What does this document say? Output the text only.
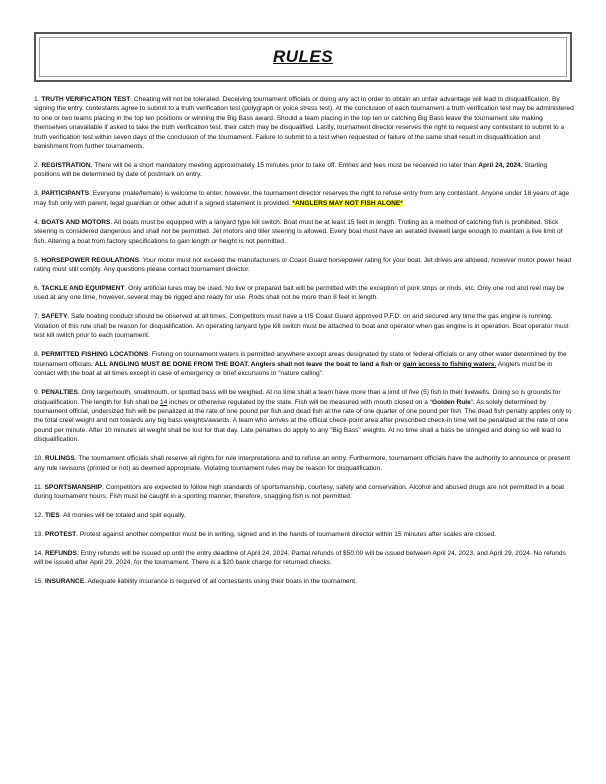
RULES

1. TRUTH VERIFICATION TEST. Cheating will not be tolerated. Deceiving tournament officials or doing any act in order to obtain an unfair advantage will lead to disqualification. By signing the entry, contestants agree to submit to a truth verification test (polygraph or voice stress test). At the conclusion of each tournament a truth verification test may be administered to one or two teams placing in the top ten positions or winning the Big Bass award. Should a team placing in the top ten or catching Big Bass leave the tournament site making themselves unavailable if asked to take the truth verification test, their catch may be disqualified. Lastly, tournament director reserves the right to request any contestant to submit to a truth verification test within seven days of the conclusion of the tournament. Failure to submit to a test when requested or failure of the same shall result in disqualification and banishment from further tournaments.

2. REGISTRATION. There will be a short mandatory meeting approximately 15 minutes prior to take off. Entries and fees must be received no later than April 24, 2024. Starting positions will be determined by date of postmark on entry.

3. PARTICIPANTS. Everyone (male/female) is welcome to enter, however, the tournament director reserves the right to refuse entry from any contestant. Anyone under 18 years of age may fish only with parent, legal guardian or other adult if a signed statement is provided. *ANGLERS MAY NOT FISH ALONE*

4. BOATS AND MOTORS. All boats must be equipped with a lanyard type kill switch. Boat must be at least 15 feet in length. Trolling as a method of catching fish is prohibited. Stick steering is considered dangerous and shall not be permitted. Jet motors and tiller steering is allowed. Every boat must have an aerated livewell large enough to maintain a live limit of fish. Altering a boat from factory specifications to gain length or height is not permitted.

5. HORSEPOWER REGULATIONS. Your motor must not exceed the manufacturers or Coast Guard horsepower rating for your boat. Jet drives are allowed, however motor power head rating must still comply. Any questions please contact tournament director.

6. TACKLE AND EQUIPMENT. Only artificial lures may be used. No live or prepared bait will be permitted with the exception of pork strips or rinds, etc. Only one rod and reel may be used at any one time, however, several may be rigged and ready for use. Rods shall not be more than 8 feet in length.

7. SAFETY. Safe boating conduct should be observed at all times. Competitors must have a US Coast Guard approved P.F.D. on and secured any time the gas engine is running. Violation of this rule shall be reason for disqualification. An operating lanyard type kill switch must be attached to boat and operator when gas engine is in operation. Boat operator must test kill switch prior to each tournament.

8. PERMITTED FISHING LOCATIONS. Fishing on tournament waters is permitted anywhere except areas designated by state or federal officials or any other water determined by the tournament officials. ALL ANGLING MUST BE DONE FROM THE BOAT. Anglers shall not leave the boat to land a fish or gain access to fishing waters. Anglers must be in contact with the boat at all times except in case of emergency or brief excursions in "nature calling".

9. PENALTIES. Only largemouth, smallmouth, or spotted bass will be weighed. At no time shall a team have more than a limit of five (5) fish in their livewells. Doing so is grounds for disqualification. The length for fish shall be 14 inches or otherwise regulated by the state. Fish will be measured with mouth closed on a “Golden Rule”. As solely determined by tournament official, undersized fish will be penalized at the rate of one pound per fish and dead fish at the rate of one quarter of one pound per fish. The dead fish penalty applies only to the total creel weight and not towards any big bass weights/awards. A team who arrives at the official check-point area after prescribed check-in time will be penalized at the rate of one pound per minute. After 10 minutes all weight shall be lost for that day. Late penalties do apply to any "Big Bass" weights. At no time shall a bass be stringed and doing so will lead to disqualification.

10. RULINGS. The tournament officials shall reserve all rights for rule interpretations and to refuse an entry. Furthermore, tournament officials have the authority to announce or present any rule revisions (printed or not) as deemed appropriate. Violating tournament rules may be reason for disqualification.

11. SPORTSMANSHIP. Competitors are expected to follow high standards of sportsmanship, courtesy, safety and conservation. Alcohol and abused drugs are not permitted in a boat during tournament hours. Fish must be caught in a sporting manner, therefore, snagging fish is not permitted.

12. TIES. All monies will be totaled and split equally.

13. PROTEST. Protest against another competitor must be in writing, signed and in the hands of tournament director within 15 minutes after scales are closed.

14. REFUNDS. Entry refunds will be issued up until the entry deadline of April 24, 2024. Partial refunds of $50.00 will be issued between April 24, 2023, and April 29, 2024. No refunds will be issued after April 29, 2024, for the tournament. There is a $20 bank charge for returned checks.

15. INSURANCE. Adequate liability insurance is required of all contestants using their boats in the tournament.
